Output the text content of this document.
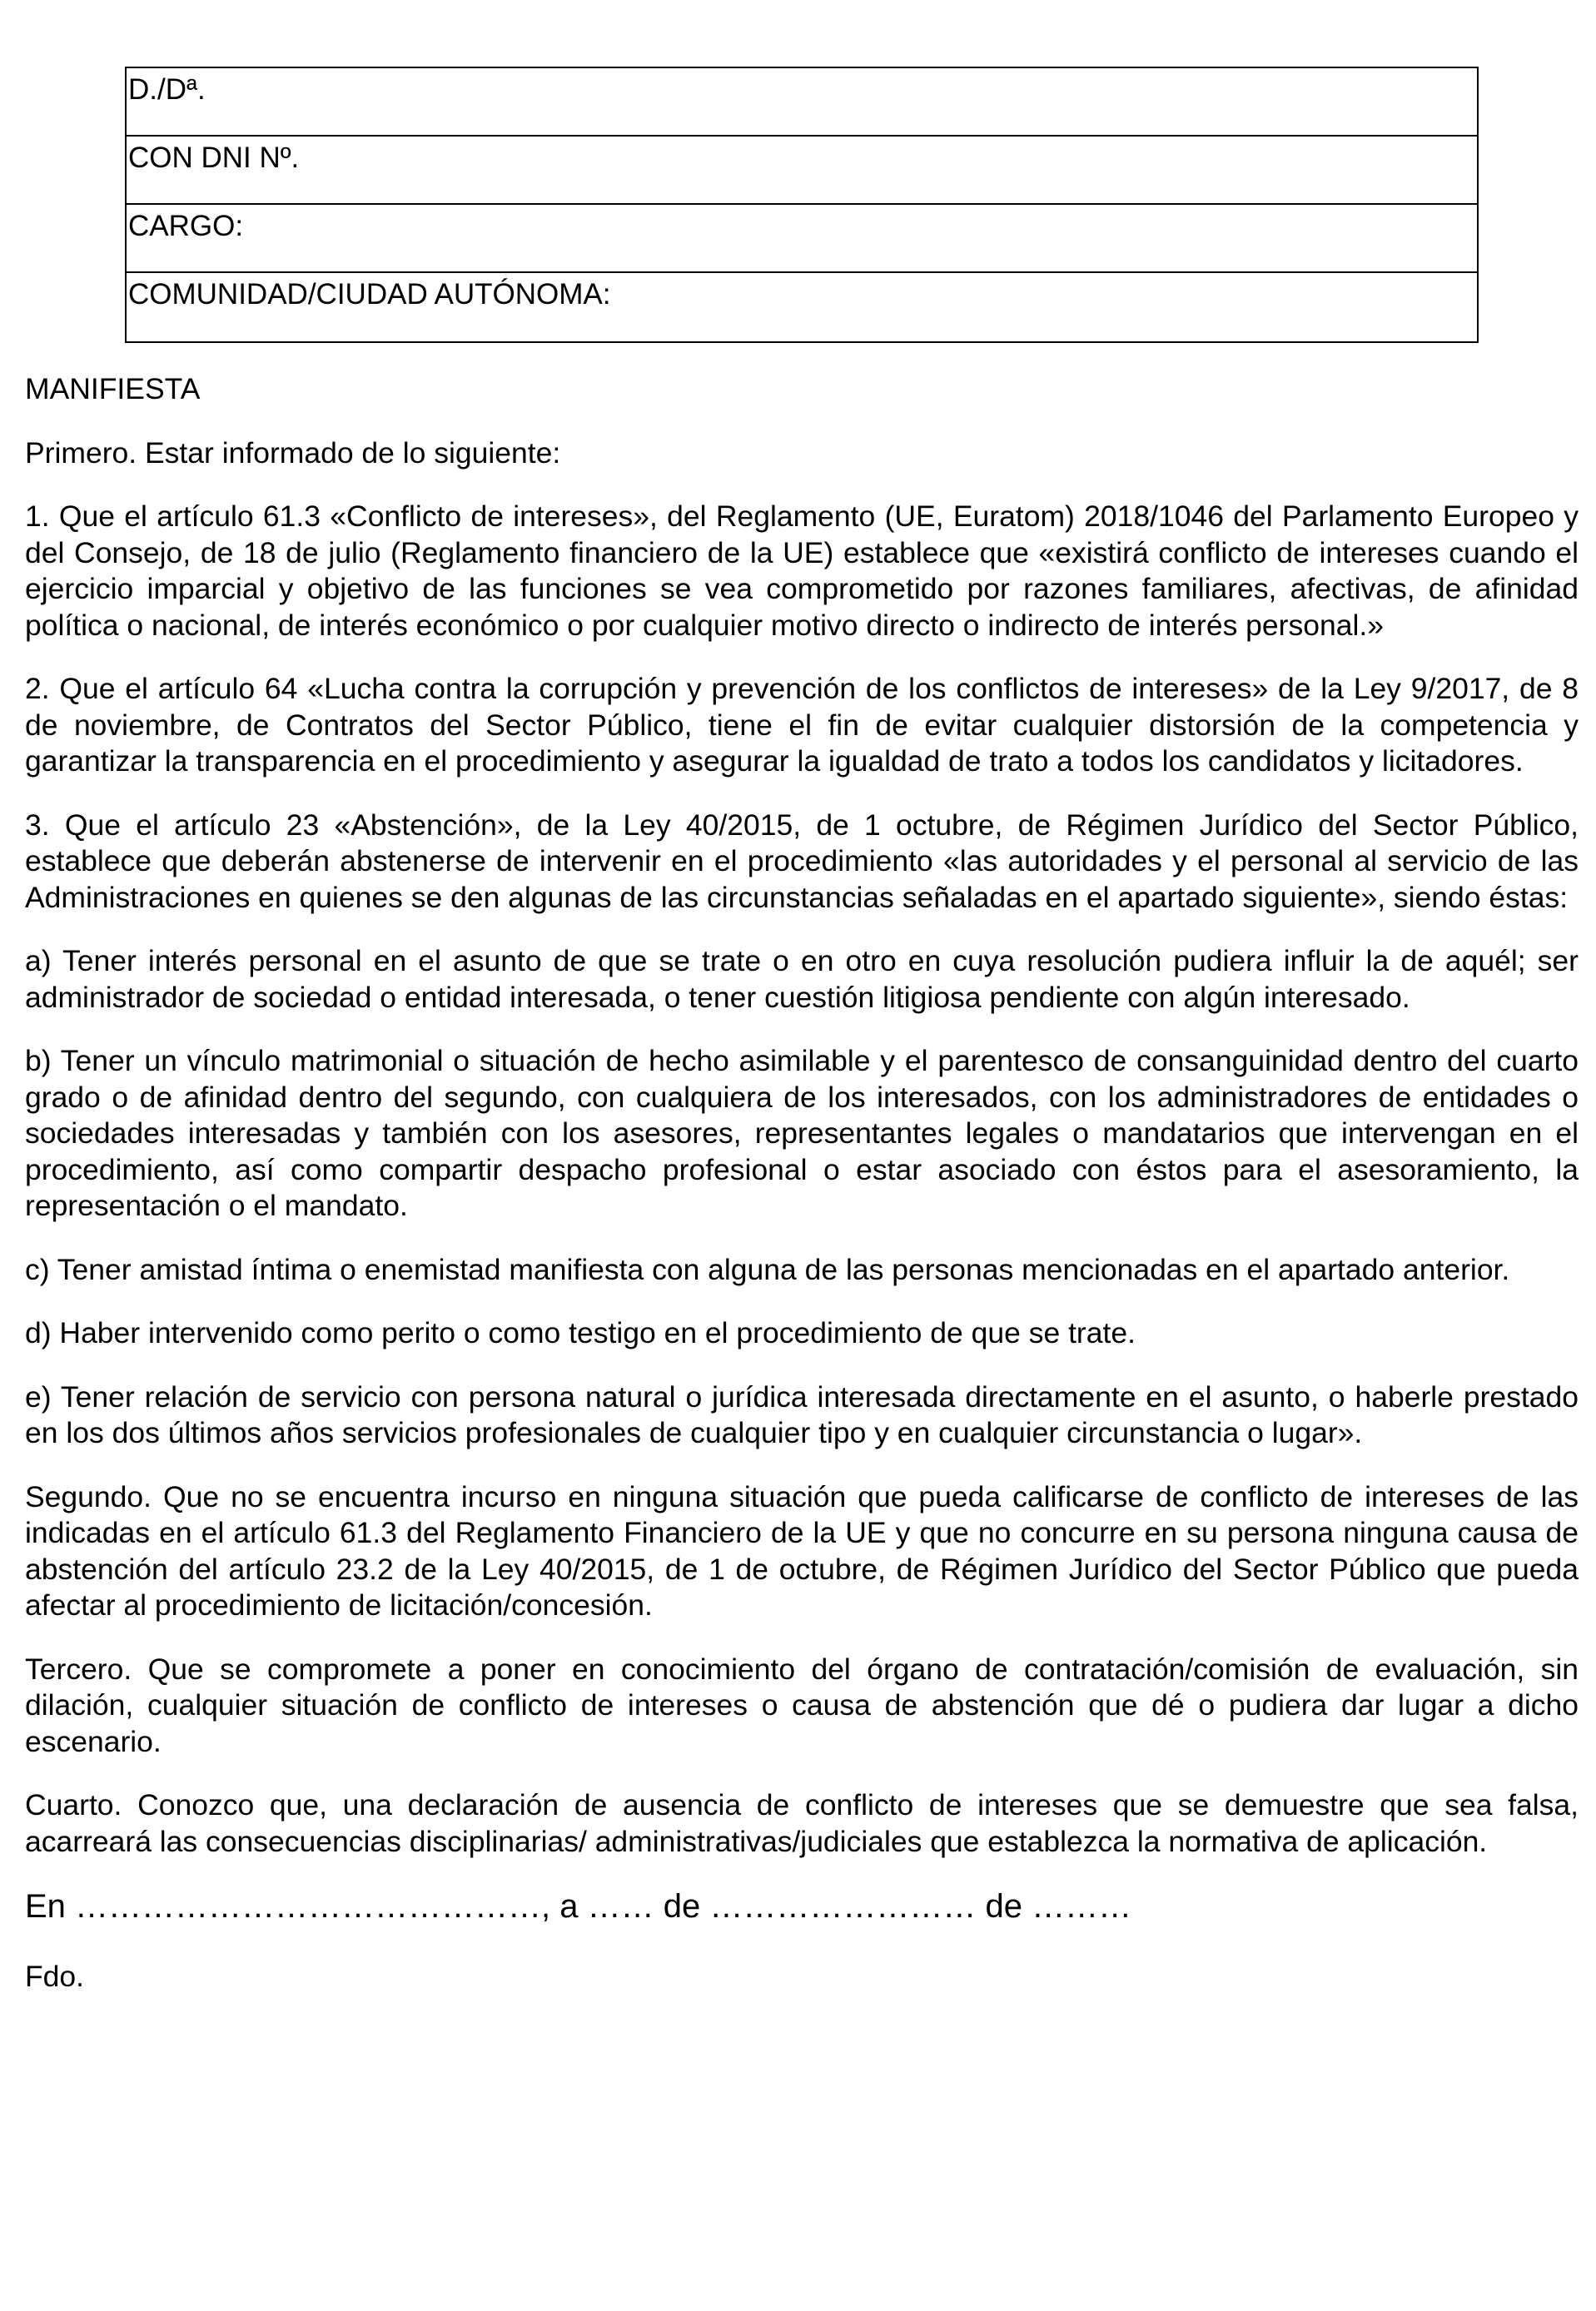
D./Dª.
CON DNI Nº.
CARGO:
COMUNIDAD/CIUDAD AUTÓNOMA:

MANIFIESTA

Primero. Estar informado de lo siguiente:

1. Que el artículo 61.3 «Conflicto de intereses», del Reglamento (UE, Euratom) 2018/1046 del Parlamento Europeo y del Consejo, de 18 de julio (Reglamento financiero de la UE) establece que «existirá conflicto de intereses cuando el ejercicio imparcial y objetivo de las funciones se vea comprometido por razones familiares, afectivas, de afinidad política o nacional, de interés económico o por cualquier motivo directo o indirecto de interés personal.»

2. Que el artículo 64 «Lucha contra la corrupción y prevención de los conflictos de intereses» de la Ley 9/2017, de 8 de noviembre, de Contratos del Sector Público, tiene el fin de evitar cualquier distorsión de la competencia y garantizar la transparencia en el procedimiento y asegurar la igualdad de trato a todos los candidatos y licitadores.

3. Que el artículo 23 «Abstención», de la Ley 40/2015, de 1 octubre, de Régimen Jurídico del Sector Público, establece que deberán abstenerse de intervenir en el procedimiento «las autoridades y el personal al servicio de las Administraciones en quienes se den algunas de las circunstancias señaladas en el apartado siguiente», siendo éstas:

a) Tener interés personal en el asunto de que se trate o en otro en cuya resolución pudiera influir la de aquél; ser administrador de sociedad o entidad interesada, o tener cuestión litigiosa pendiente con algún interesado.

b) Tener un vínculo matrimonial o situación de hecho asimilable y el parentesco de consanguinidad dentro del cuarto grado o de afinidad dentro del segundo, con cualquiera de los interesados, con los administradores de entidades o sociedades interesadas y también con los asesores, representantes legales o mandatarios que intervengan en el procedimiento, así como compartir despacho profesional o estar asociado con éstos para el asesoramiento, la representación o el mandato.

c) Tener amistad íntima o enemistad manifiesta con alguna de las personas mencionadas en el apartado anterior.

d) Haber intervenido como perito o como testigo en el procedimiento de que se trate.

e) Tener relación de servicio con persona natural o jurídica interesada directamente en el asunto, o haberle prestado en los dos últimos años servicios profesionales de cualquier tipo y en cualquier circunstancia o lugar».

Segundo. Que no se encuentra incurso en ninguna situación que pueda calificarse de conflicto de intereses de las indicadas en el artículo 61.3 del Reglamento Financiero de la UE y que no concurre en su persona ninguna causa de abstención del artículo 23.2 de la Ley 40/2015, de 1 de octubre, de Régimen Jurídico del Sector Público que pueda afectar al procedimiento de licitación/concesión.

Tercero. Que se compromete a poner en conocimiento del órgano de contratación/comisión de evaluación, sin dilación, cualquier situación de conflicto de intereses o causa de abstención que dé o pudiera dar lugar a dicho escenario.

Cuarto. Conozco que, una declaración de ausencia de conflicto de intereses que se demuestre que sea falsa, acarreará las consecuencias disciplinarias/ administrativas/judiciales que establezca la normativa de aplicación.

En ……………………………………, a …… de …………………… de ………
Fdo.
